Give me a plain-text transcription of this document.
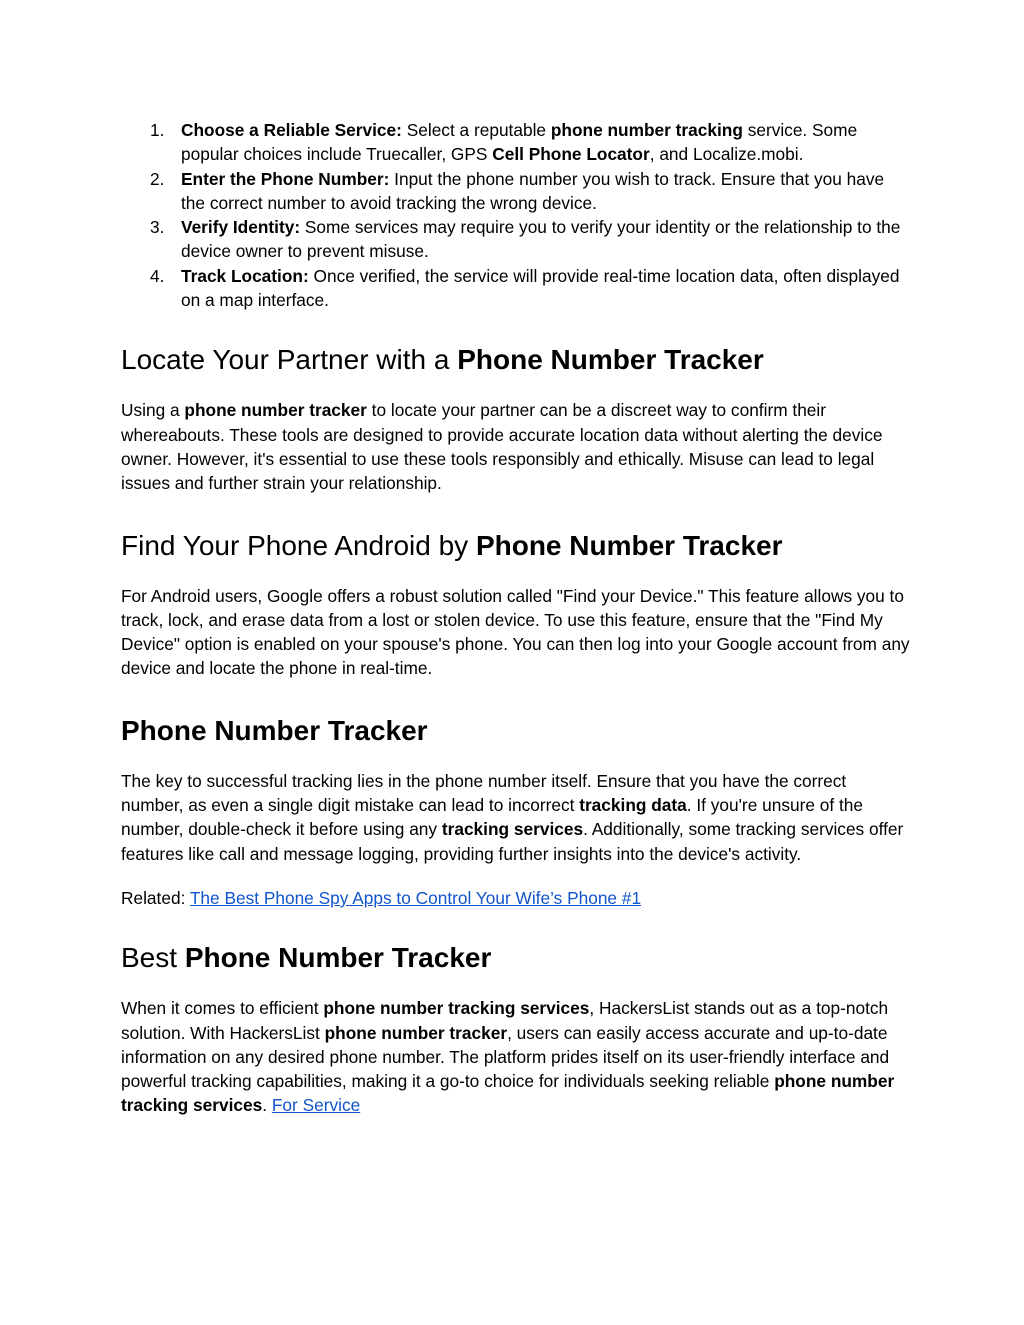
1. Choose a Reliable Service: Select a reputable phone number tracking service. Some popular choices include Truecaller, GPS Cell Phone Locator, and Localize.mobi.
2. Enter the Phone Number: Input the phone number you wish to track. Ensure that you have the correct number to avoid tracking the wrong device.
3. Verify Identity: Some services may require you to verify your identity or the relationship to the device owner to prevent misuse.
4. Track Location: Once verified, the service will provide real-time location data, often displayed on a map interface.
Locate Your Partner with a Phone Number Tracker

Using a phone number tracker to locate your partner can be a discreet way to confirm their whereabouts. These tools are designed to provide accurate location data without alerting the device owner. However, it's essential to use these tools responsibly and ethically. Misuse can lead to legal issues and further strain your relationship.

Find Your Phone Android by Phone Number Tracker

For Android users, Google offers a robust solution called "Find your Device." This feature allows you to track, lock, and erase data from a lost or stolen device. To use this feature, ensure that the "Find My Device" option is enabled on your spouse's phone. You can then log into your Google account from any device and locate the phone in real-time.

Phone Number Tracker

The key to successful tracking lies in the phone number itself. Ensure that you have the correct number, as even a single digit mistake can lead to incorrect tracking data. If you're unsure of the number, double-check it before using any tracking services. Additionally, some tracking services offer features like call and message logging, providing further insights into the device's activity.

Related: The Best Phone Spy Apps to Control Your Wife’s Phone #1

Best Phone Number Tracker

When it comes to efficient phone number tracking services, HackersList stands out as a top-notch solution. With HackersList phone number tracker, users can easily access accurate and up-to-date information on any desired phone number. The platform prides itself on its user-friendly interface and powerful tracking capabilities, making it a go-to choice for individuals seeking reliable phone number tracking services. For Service
